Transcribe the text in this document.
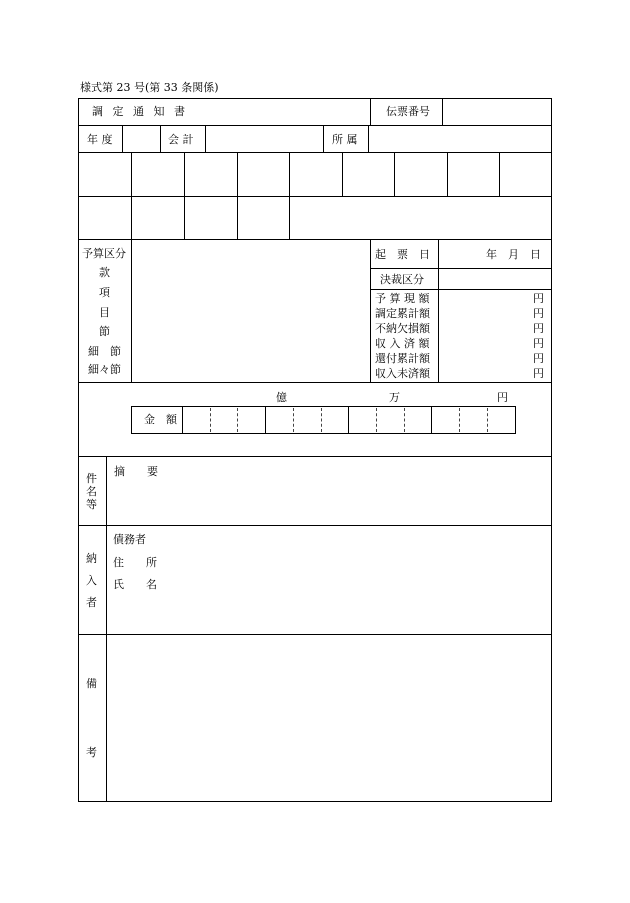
様式第 23 号(第 33 条関係)
調 定 通 知 書	伝票番号
年 度	会 計	所 属
予算区分
款
項
目
節
細　節
細々節
起　票　日	年　月　日
決裁区分
予 算 現 額	円
調定累計額	円
不納欠損額	円
収 入 済 額	円
還付累計額	円
収入未済額	円
億	万	円
金　額
件名等
摘　　要
納入者
債務者
住　　所
氏　　名
備
考
